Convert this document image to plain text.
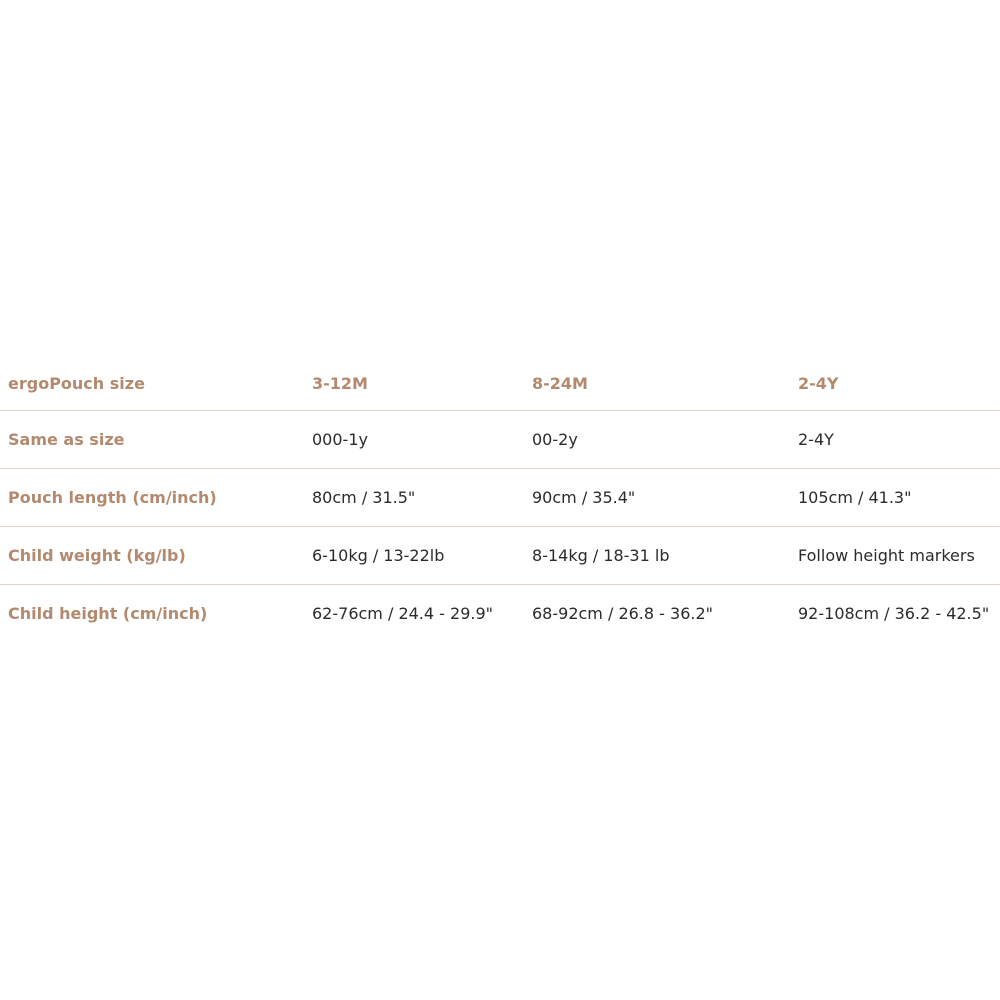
ergoPouch size	3-12M	8-24M	2-4Y
Same as size	000-1y	00-2y	2-4Y
Pouch length (cm/inch)	80cm / 31.5"	90cm / 35.4"	105cm / 41.3"
Child weight (kg/lb)	6-10kg / 13-22lb	8-14kg / 18-31 lb	Follow height markers
Child height (cm/inch)	62-76cm / 24.4 - 29.9"	68-92cm / 26.8 - 36.2"	92-108cm / 36.2 - 42.5"
